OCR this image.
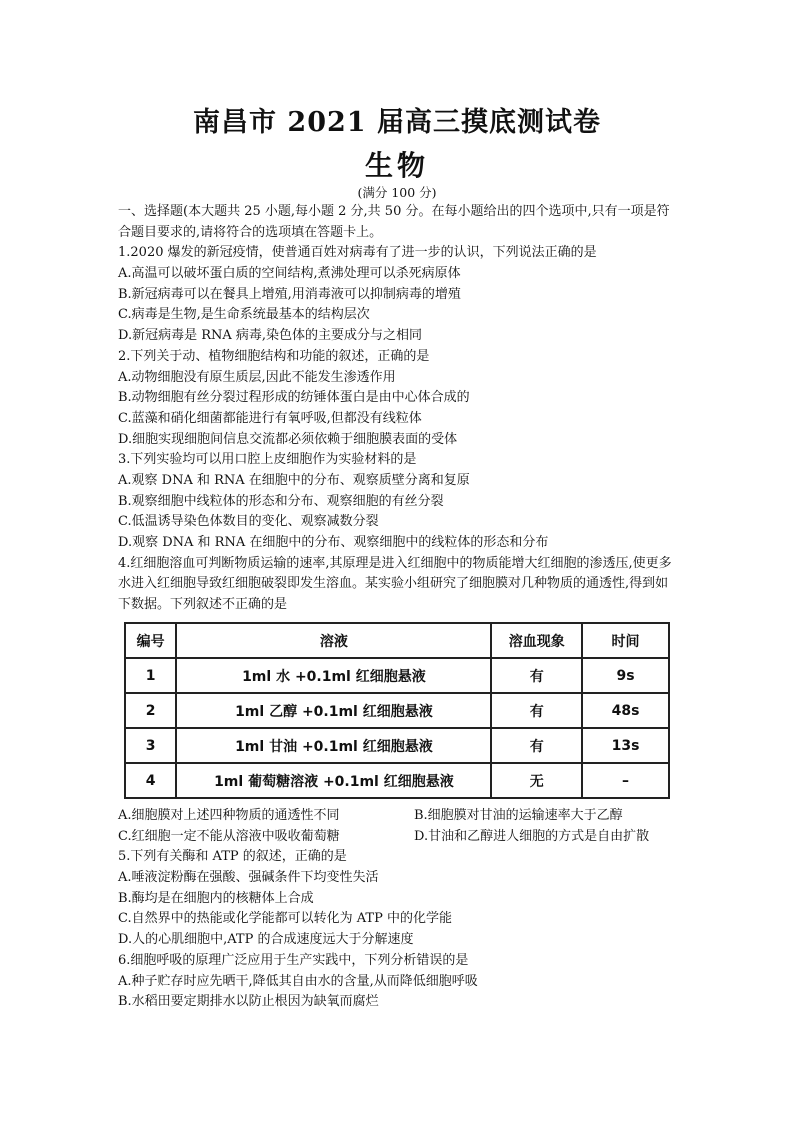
南昌市 2021 届高三摸底测试卷
生物
(满分 100 分)
一、选择题(本大题共 25 小题,每小题 2 分,共 50 分。在每小题给出的四个选项中,只有一项是符合题目要求的,请将符合的选项填在答题卡上。
1.2020 爆发的新冠疫情，使普通百姓对病毒有了进一步的认识，下列说法正确的是
A.高温可以破坏蛋白质的空间结构,煮沸处理可以杀死病原体
B.新冠病毒可以在餐具上增殖,用消毒液可以抑制病毒的增殖
C.病毒是生物,是生命系统最基本的结构层次
D.新冠病毒是 RNA 病毒,染色体的主要成分与之相同
2.下列关于动、植物细胞结构和功能的叙述，正确的是
A.动物细胞没有原生质层,因此不能发生渗透作用
B.动物细胞有丝分裂过程形成的纺锤体蛋白是由中心体合成的
C.蓝藻和硝化细菌都能进行有氧呼吸,但都没有线粒体
D.细胞实现细胞间信息交流都必须依赖于细胞膜表面的受体
3.下列实验均可以用口腔上皮细胞作为实验材料的是
A.观察 DNA 和 RNA 在细胞中的分布、观察质壁分离和复原
B.观察细胞中线粒体的形态和分布、观察细胞的有丝分裂
C.低温诱导染色体数目的变化、观察减数分裂
D.观察 DNA 和 RNA 在细胞中的分布、观察细胞中的线粒体的形态和分布
4.红细胞溶血可判断物质运输的速率,其原理是进入红细胞中的物质能增大红细胞的渗透压,使更多水进入红细胞导致红细胞破裂即发生溶血。某实验小组研究了细胞膜对几种物质的通透性,得到如下数据。下列叙述不正确的是
编号	溶液	溶血现象	时间
1	1ml 水 +0.1ml 红细胞悬液	有	9s
2	1ml 乙醇 +0.1ml 红细胞悬液	有	48s
3	1ml 甘油 +0.1ml 红细胞悬液	有	13s
4	1ml 葡萄糖溶液 +0.1ml 红细胞悬液	无	–
A.细胞膜对上述四种物质的通透性不同	B.细胞膜对甘油的运输速率大于乙醇
C.红细胞一定不能从溶液中吸收葡萄糖	D.甘油和乙醇进人细胞的方式是自由扩散
5.下列有关酶和 ATP 的叙述，正确的是
A.唾液淀粉酶在强酸、强碱条件下均变性失活
B.酶均是在细胞内的核糖体上合成
C.自然界中的热能或化学能都可以转化为 ATP 中的化学能
D.人的心肌细胞中,ATP 的合成速度远大于分解速度
6.细胞呼吸的原理广泛应用于生产实践中，下列分析错误的是
A.种子贮存时应先晒干,降低其自由水的含量,从而降低细胞呼吸
B.水稻田要定期排水以防止根因为缺氧而腐烂
